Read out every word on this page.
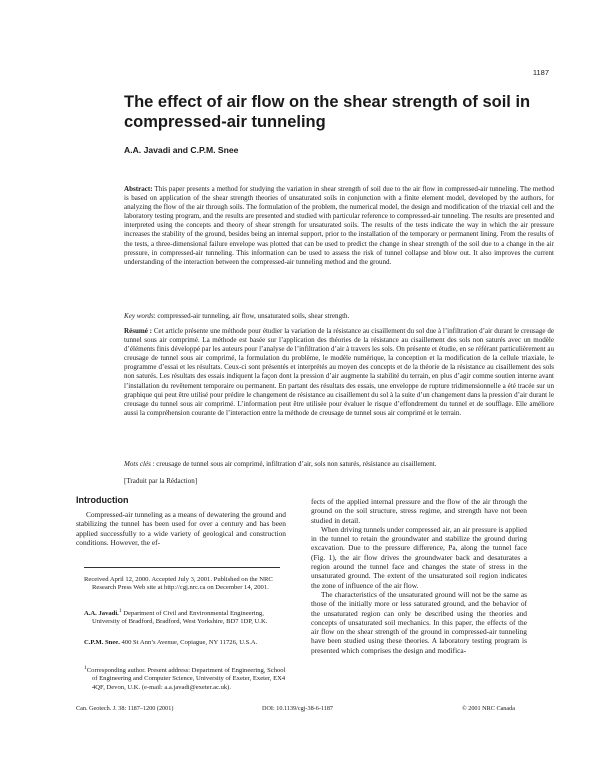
1187
The effect of air flow on the shear strength of soil in compressed-air tunneling
A.A. Javadi and C.P.M. Snee

Abstract: This paper presents a method for studying the variation in shear strength of soil due to the air flow in compressed-air tunneling. The method is based on application of the shear strength theories of unsaturated soils in conjunction with a finite element model, developed by the authors, for analyzing the flow of the air through soils. The formulation of the problem, the numerical model, the design and modification of the triaxial cell and the laboratory testing program, and the results are presented and studied with particular reference to compressed-air tunneling. The results are presented and interpreted using the concepts and theory of shear strength for unsaturated soils. The results of the tests indicate the way in which the air pressure increases the stability of the ground, besides being an internal support, prior to the installation of the temporary or permanent lining. From the results of the tests, a three-dimensional failure envelope was plotted that can be used to predict the change in shear strength of the soil due to a change in the air pressure, in compressed-air tunneling. This information can be used to assess the risk of tunnel collapse and blow out. It also improves the current understanding of the interaction between the compressed-air tunneling method and the ground.

Key words: compressed-air tunneling, air flow, unsaturated soils, shear strength.

Résumé : Cet article présente une méthode pour étudier la variation de la résistance au cisaillement du sol due à l’infiltration d’air durant le creusage de tunnel sous air comprimé. La méthode est basée sur l’application des théories de la résistance au cisaillement des sols non saturés avec un modèle d’éléments finis développé par les auteurs pour l’analyse de l’infiltration d’air à travers les sols. On présente et étudie, en se référant particulièrement au creusage de tunnel sous air comprimé, la formulation du problème, le modèle numérique, la conception et la modification de la cellule triaxiale, le programme d’essai et les résultats. Ceux-ci sont présentés et interprétés au moyen des concepts et de la théorie de la résistance au cisaillement des sols non saturés. Les résultats des essais indiquent la façon dont la pression d’air augmente la stabilité du terrain, en plus d’agir comme soutien interne avant l’installation du revêtement temporaire ou permanent. En partant des résultats des essais, une enveloppe de rupture tridimensionnelle a été tracée sur un graphique qui peut être utilisé pour prédire le changement de résistance au cisaillement du sol à la suite d’un changement dans la pression d’air durant le creusage du tunnel sous air comprimé. L’information peut être utilisée pour évaluer le risque d’effondrement du tunnel et de soufflage. Elle améliore aussi la compréhension courante de l’interaction entre la méthode de creusage de tunnel sous air comprimé et le terrain.

Mots clés : creusage de tunnel sous air comprimé, infiltration d’air, sols non saturés, résistance au cisaillement.

[Traduit par la Rédaction]

Introduction

Compressed-air tunneling as a means of dewatering the ground and stabilizing the tunnel has been used for over a century and has been applied successfully to a wide variety of geological and construction conditions. However, the ef-

Received April 12, 2000. Accepted July 3, 2001. Published on the NRC Research Press Web site at http://cgj.nrc.ca on December 14, 2001.

A.A. Javadi.$^1$ Department of Civil and Environmental Engineering, University of Bradford, Bradford, West Yorkshire, BD7 1DP, U.K.

C.P.M. Snee. 400 St Ann’s Avenue, Copiague, NY 11726, U.S.A.

$^1$Corresponding author. Present address: Department of Engineering, School of Engineering and Computer Science, University of Exeter, Exeter, EX4 4QF, Devon, U.K. (e-mail: a.a.javadi@exeter.ac.uk).

fects of the applied internal pressure and the flow of the air through the ground on the soil structure, stress regime, and strength have not been studied in detail.

When driving tunnels under compressed air, an air pressure is applied in the tunnel to retain the groundwater and stabilize the ground during excavation. Due to the pressure difference, Pa, along the tunnel face (Fig. 1), the air flow drives the groundwater back and desaturates a region around the tunnel face and changes the state of stress in the unsaturated ground. The extent of the unsaturated soil region indicates the zone of influence of the air flow.

The characteristics of the unsaturated ground will not be the same as those of the initially more or less saturated ground, and the behavior of the unsaturated region can only be described using the theories and concepts of unsaturated soil mechanics. In this paper, the effects of the air flow on the shear strength of the ground in compressed-air tunneling have been studied using these theories. A laboratory testing program is presented which comprises the design and modifica-

Can. Geotech. J. 38: 1187–1200 (2001)	DOI: 10.1139/cgj-38-6-1187	© 2001 NRC Canada
